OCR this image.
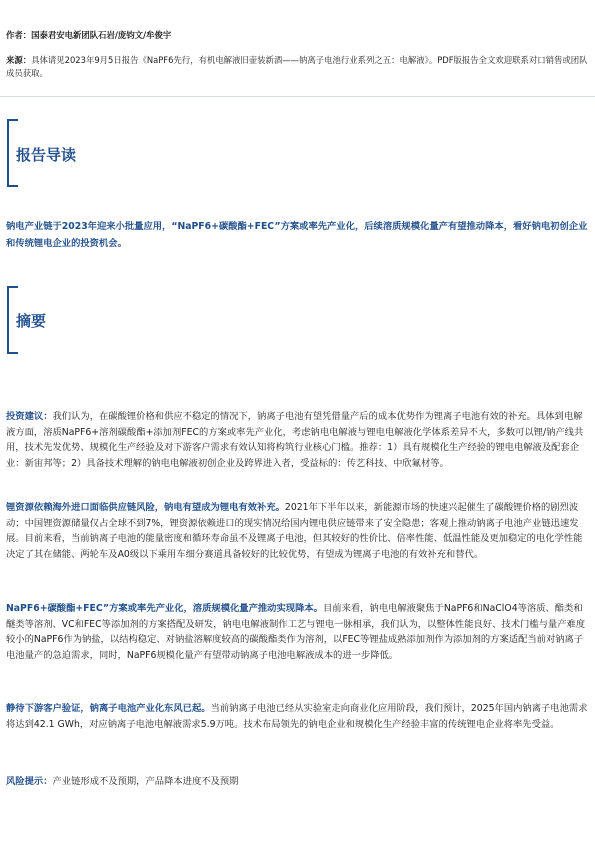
作者：国泰君安电新团队石岩/庞钧文/牟俊宇
来源：具体请见2023年9月5日报告《NaPF6先行，有机电解液旧壶装新酒——钠离子电池行业系列之五：电解液》。PDF版报告全文欢迎联系对口销售或团队成员获取。
报告导读
钠电产业链于2023年迎来小批量应用，“NaPF6+碳酸酯+FEC”方案或率先产业化，后续溶质规模化量产有望推动降本，看好钠电初创企业和传统锂电企业的投资机会。
摘要
投资建议：我们认为，在碳酸锂价格和供应不稳定的情况下，钠离子电池有望凭借量产后的成本优势作为锂离子电池有效的补充。具体到电解液方面，溶质NaPF6+溶剂碳酸酯+添加剂FEC的方案或率先产业化，考虑钠电电解液与锂电电解液化学体系差异不大，多数可以锂/钠产线共用，技术先发优势、规模化生产经验及对下游客户需求有效认知将构筑行业核心门槛。推荐：1）具有规模化生产经验的锂电电解液及配套企业：新宙邦等；2）具备技术理解的钠电电解液初创企业及跨界进入者，受益标的：传艺科技、中欣氟材等。
锂资源依赖海外进口面临供应链风险，钠电有望成为锂电有效补充。2021年下半年以来，新能源市场的快速兴起催生了碳酸锂价格的剧烈波动；中国锂资源储量仅占全球不到7%，锂资源依赖进口的现实情况给国内锂电供应链带来了安全隐患；客观上推动钠离子电池产业链迅速发展。目前来看，当前钠离子电池的能量密度和循环寿命虽不及锂离子电池，但其较好的性价比、倍率性能、低温性能及更加稳定的电化学性能决定了其在储能、两轮车及A0级以下乘用车细分赛道具备较好的比较优势，有望成为锂离子电池的有效补充和替代。
NaPF6+碳酸酯+FEC”方案或率先产业化，溶质规模化量产推动实现降本。目前来看，钠电电解液聚焦于NaPF6和NaClO4等溶质、酯类和醚类等溶剂、VC和FEC等添加剂的方案搭配及研发，钠电电解液制作工艺与锂电一脉相承，我们认为，以整体性能良好、技术门槛与量产难度较小的NaPF6作为钠盐，以结构稳定、对钠盐溶解度较高的碳酸酯类作为溶剂，以FEC等锂盐成熟添加剂作为添加剂的方案适配当前对钠离子电池量产的急迫需求，同时，NaPF6规模化量产有望带动钠离子电池电解液成本的进一步降低。
静待下游客户验证，钠离子电池产业化东风已起。当前钠离子电池已经从实验室走向商业化应用阶段，我们预计，2025年国内钠离子电池需求将达到42.1 GWh，对应钠离子电池电解液需求5.9万吨。技术布局领先的钠电企业和规模化生产经验丰富的传统锂电企业将率先受益。
风险提示：产业链形成不及预期，产品降本进度不及预期
